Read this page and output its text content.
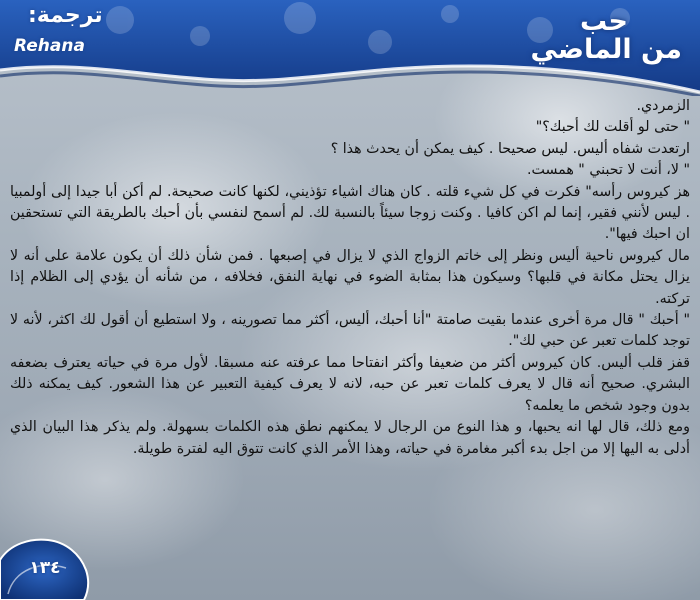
حب
من الماضي
ترجمة:
Rehana

الزمردي.

" حتى لو أقلت لك أحبك؟"

ارتعدت شفاه أليس. ليس صحيحا . كيف يمكن أن يحدث هذا ؟

" لا، أنت لا تحبني " همست.

هز كيروس رأسه" فكرت في كل شيء قلته . كان هناك اشياء تؤذيني، لكنها كانت صحيحة. لم أكن أبا جيدا إلى أولمبيا . ليس لأنني فقير، إنما لم اكن كافيا . وكنت زوجا سيئاً بالنسبة لك. لم أسمح لنفسي بأن أحبك بالطريقة التي تستحقين ان احبك فيها".

مال كيروس ناحية أليس ونظر إلى خاتم الزواج الذي لا يزال في إصبعها . فمن شأن ذلك أن يكون علامة على أنه لا يزال يحتل مكانة في قلبها؟ وسيكون هذا بمثابة الضوء في نهاية النفق، فخلافه ، من شأنه أن يؤدي إلى الظلام إذا تركته.

" أحبك " قال مرة أخرى عندما بقيت صامتة "أنا أحبك، أليس، أكثر مما تصورينه ، ولا استطيع أن أقول لك اكثر، لأنه لا توجد كلمات تعبر عن حبي لك".

قفز قلب أليس. كان كيروس أكثر من ضعيفا وأكثر انفتاحا مما عرفته عنه مسبقا. لأول مرة في حياته يعترف بضعفه البشري. صحيح أنه قال لا يعرف كلمات تعبر عن حبه، لانه لا يعرف كيفية التعبير عن هذا الشعور. كيف يمكنه ذلك بدون وجود شخص ما يعلمه؟

ومع ذلك، قال لها انه يحبها، و هذا النوع من الرجال لا يمكنهم نطق هذه الكلمات بسهولة. ولم يذكر هذا البيان الذي أدلى به اليها إلا من اجل بدء أكبر مغامرة في حياته، وهذا الأمر الذي كانت تتوق اليه لفترة طويلة.

١٣٤
